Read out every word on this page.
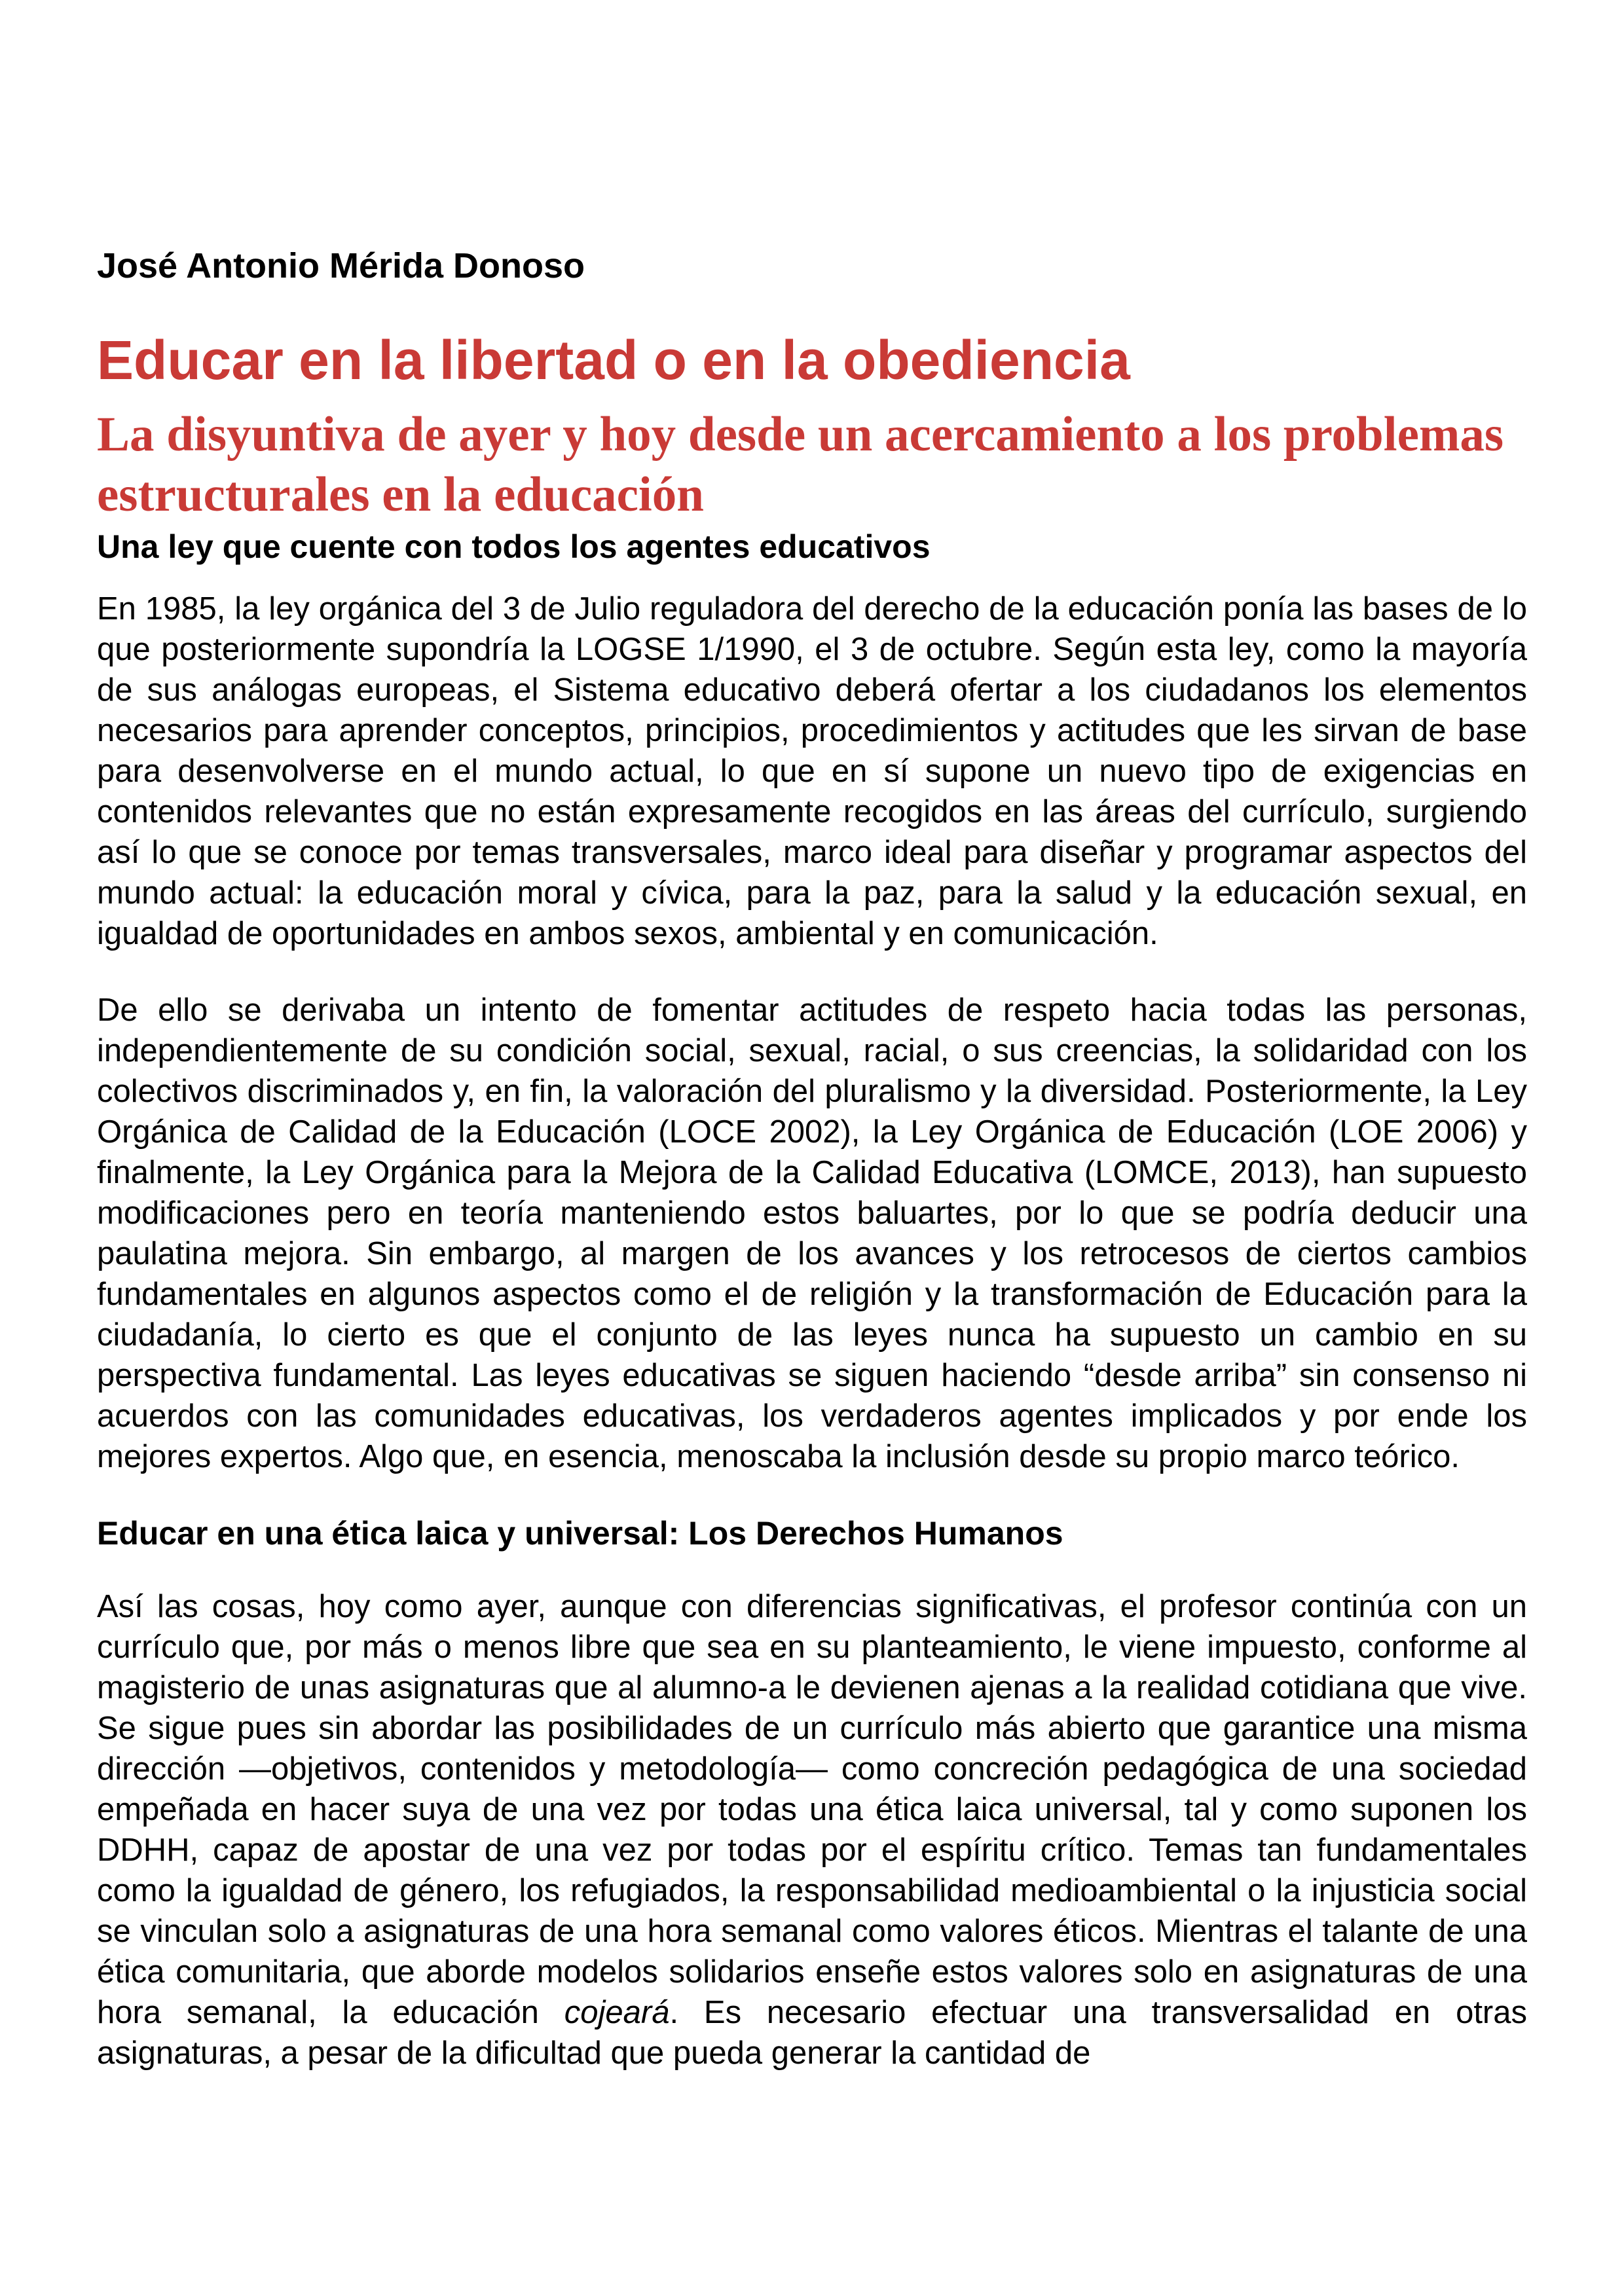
José Antonio Mérida Donoso
Educar en la libertad o en la obediencia
La disyuntiva de ayer y hoy desde un acercamiento a los problemas estructurales en la educación
Una ley que cuente con todos los agentes educativos

En 1985, la ley orgánica del 3 de Julio reguladora del derecho de la educación ponía las bases de lo que posteriormente supondría la LOGSE 1/1990, el 3 de octubre. Según esta ley, como la mayoría de sus análogas europeas, el Sistema educativo deberá ofertar a los ciudadanos los elementos necesarios para aprender conceptos, principios, procedimientos y actitudes que les sirvan de base para desenvolverse en el mundo actual, lo que en sí supone un nuevo tipo de exigencias en contenidos relevantes que no están expresamente recogidos en las áreas del currículo, surgiendo así lo que se conoce por temas transversales, marco ideal para diseñar y programar aspectos del mundo actual: la educación moral y cívica, para la paz, para la salud y la educación sexual, en igualdad de oportunidades en ambos sexos, ambiental y en comunicación.

De ello se derivaba un intento de fomentar actitudes de respeto hacia todas las personas, independientemente de su condición social, sexual, racial, o sus creencias, la solidaridad con los colectivos discriminados y, en fin, la valoración del pluralismo y la diversidad. Posteriormente, la Ley Orgánica de Calidad de la Educación (LOCE 2002), la Ley Orgánica de Educación (LOE 2006) y finalmente, la Ley Orgánica para la Mejora de la Calidad Educativa (LOMCE, 2013), han supuesto modificaciones pero en teoría manteniendo estos baluartes, por lo que se podría deducir una paulatina mejora. Sin embargo, al margen de los avances y los retrocesos de ciertos cambios fundamentales en algunos aspectos como el de religión y la transformación de Educación para la ciudadanía, lo cierto es que el conjunto de las leyes nunca ha supuesto un cambio en su perspectiva fundamental. Las leyes educativas se siguen haciendo “desde arriba” sin consenso ni acuerdos con las comunidades educativas, los verdaderos agentes implicados y por ende los mejores expertos. Algo que, en esencia, menoscaba la inclusión desde su propio marco teórico.

Educar en una ética laica y universal: Los Derechos Humanos

Así las cosas, hoy como ayer, aunque con diferencias significativas, el profesor continúa con un currículo que, por más o menos libre que sea en su planteamiento, le viene impuesto, conforme al magisterio de unas asignaturas que al alumno-a le devienen ajenas a la realidad cotidiana que vive. Se sigue pues sin abordar las posibilidades de un currículo más abierto que garantice una misma dirección —objetivos, contenidos y metodología— como concreción pedagógica de una sociedad empeñada en hacer suya de una vez por todas una ética laica universal, tal y como suponen los DDHH, capaz de apostar de una vez por todas por el espíritu crítico. Temas tan fundamentales como la igualdad de género, los refugiados, la responsabilidad medioambiental o la injusticia social se vinculan solo a asignaturas de una hora semanal como valores éticos. Mientras el talante de una ética comunitaria, que aborde modelos solidarios enseñe estos valores solo en asignaturas de una hora semanal, la educación cojeará. Es necesario efectuar una transversalidad en otras asignaturas, a pesar de la dificultad que pueda generar la cantidad de
